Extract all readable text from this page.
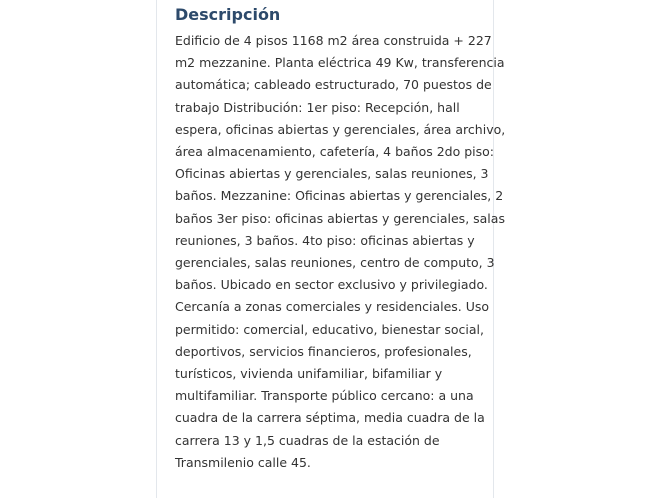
Descripción
Edificio de 4 pisos 1168 m2 área construida + 227
m2 mezzanine. Planta eléctrica 49 Kw, transferencia
automática; cableado estructurado, 70 puestos de
trabajo Distribución: 1er piso: Recepción, hall
espera, oficinas abiertas y gerenciales, área archivo,
área almacenamiento, cafetería, 4 baños 2do piso:
Oficinas abiertas y gerenciales, salas reuniones, 3
baños. Mezzanine: Oficinas abiertas y gerenciales, 2
baños 3er piso: oficinas abiertas y gerenciales, salas
reuniones, 3 baños. 4to piso: oficinas abiertas y
gerenciales, salas reuniones, centro de computo, 3
baños. Ubicado en sector exclusivo y privilegiado.
Cercanía a zonas comerciales y residenciales. Uso
permitido: comercial, educativo, bienestar social,
deportivos, servicios financieros, profesionales,
turísticos, vivienda unifamiliar, bifamiliar y
multifamiliar. Transporte público cercano: a una
cuadra de la carrera séptima, media cuadra de la
carrera 13 y 1,5 cuadras de la estación de
Transmilenio calle 45.
